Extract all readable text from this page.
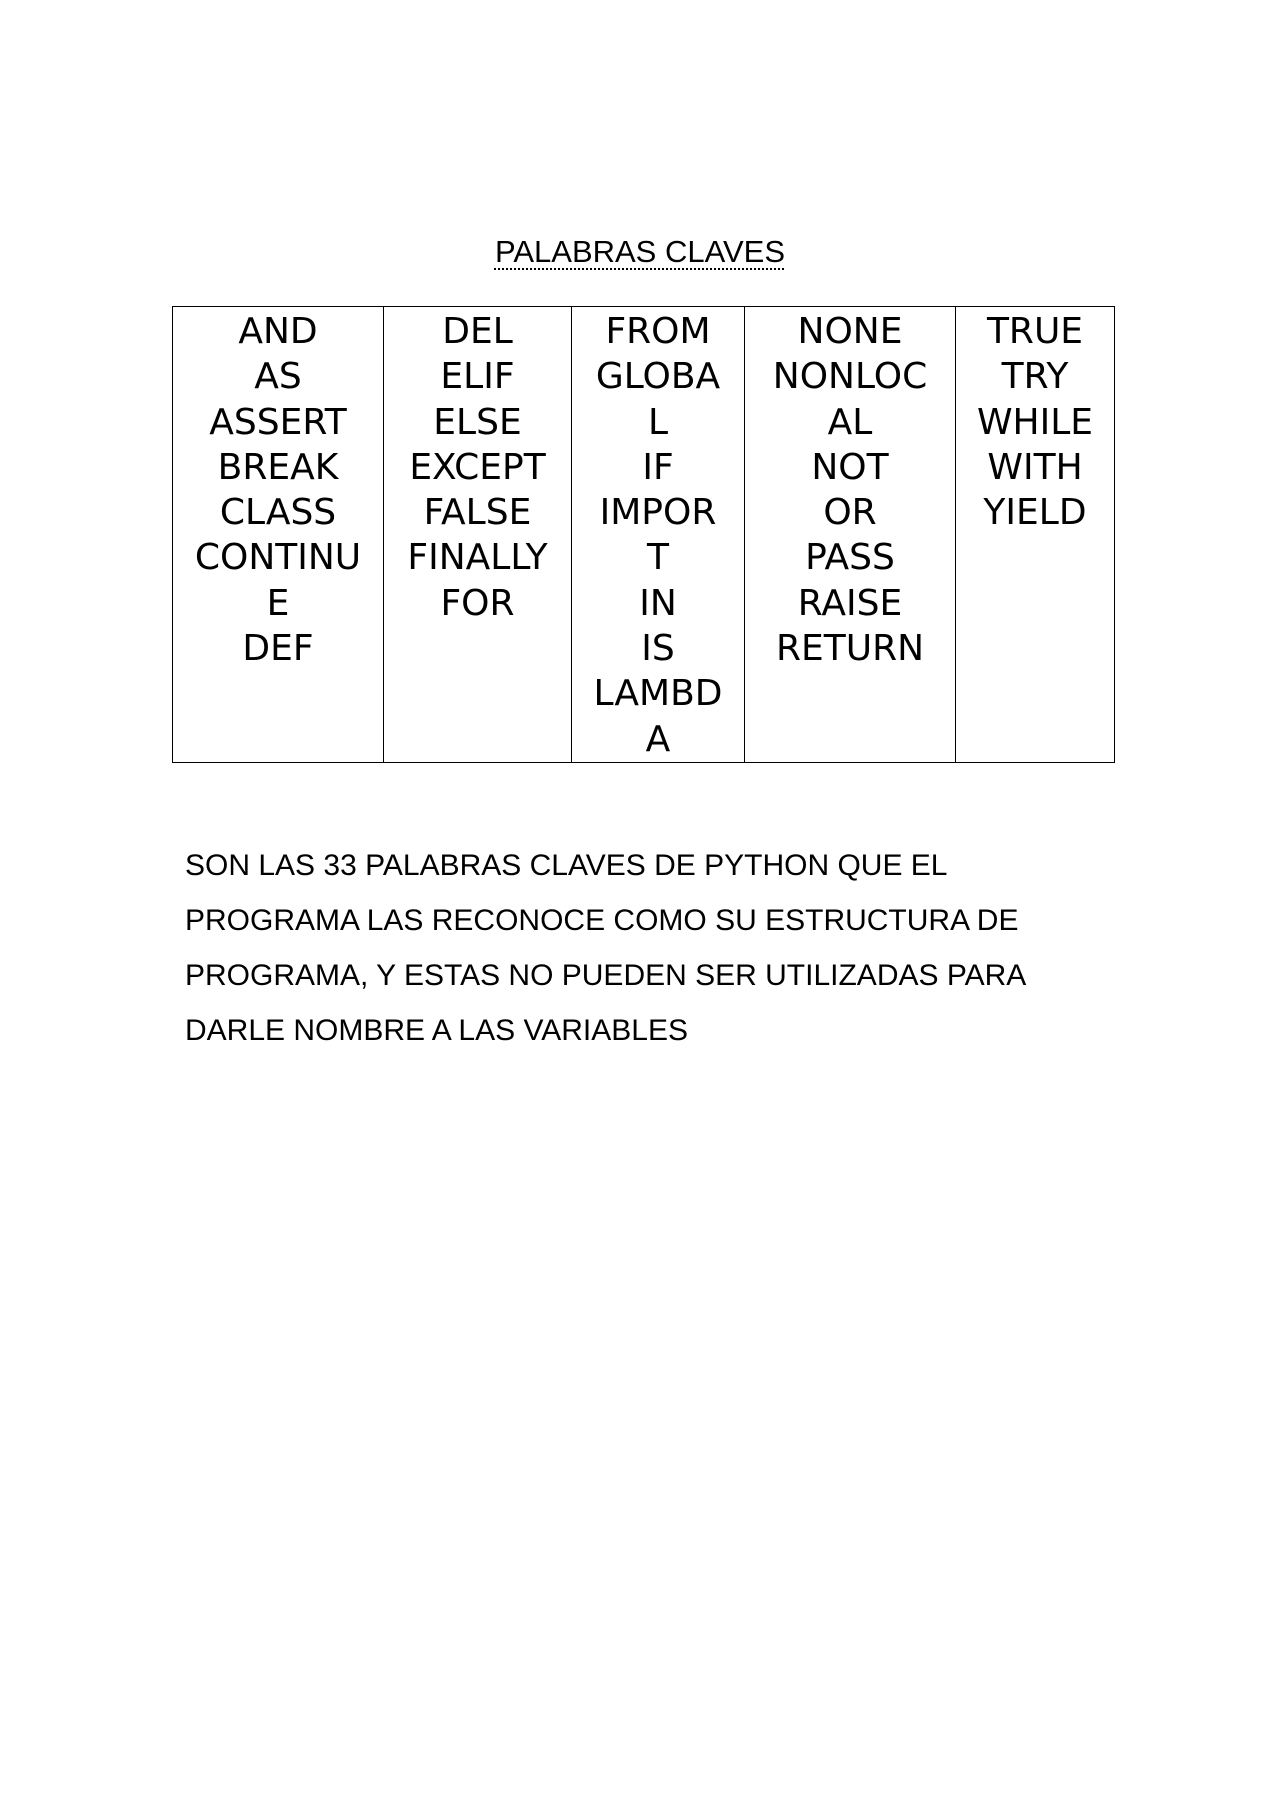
PALABRAS CLAVES
AND
AS
ASSERT
BREAK
CLASS
CONTINU
E
DEF

DEL
ELIF
ELSE
EXCEPT
FALSE
FINALLY
FOR

FROM
GLOBA
L
IF
IMPOR
T
IN
IS
LAMBD
A

NONE
NONLOC
AL
NOT
OR
PASS
RAISE
RETURN

TRUE
TRY
WHILE
WITH
YIELD

SON LAS 33 PALABRAS CLAVES DE PYTHON QUE EL
PROGRAMA LAS RECONOCE COMO SU ESTRUCTURA DE
PROGRAMA, Y ESTAS NO PUEDEN SER UTILIZADAS PARA
DARLE NOMBRE A LAS VARIABLES
